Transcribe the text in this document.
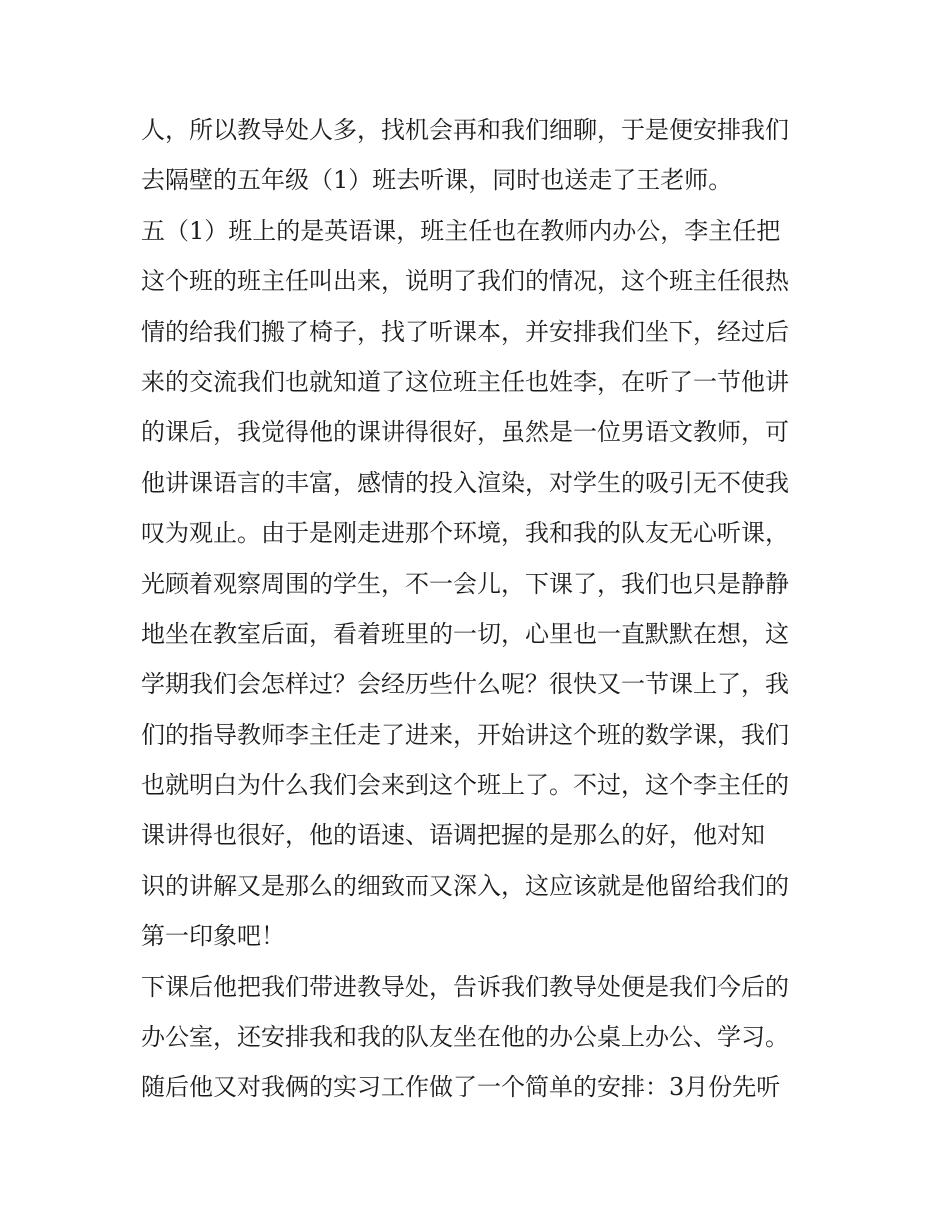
人，所以教导处人多，找机会再和我们细聊，于是便安排我们
去隔壁的五年级（1）班去听课，同时也送走了王老师。
五（1）班上的是英语课，班主任也在教师内办公，李主任把
这个班的班主任叫出来，说明了我们的情况，这个班主任很热
情的给我们搬了椅子，找了听课本，并安排我们坐下，经过后
来的交流我们也就知道了这位班主任也姓李，在听了一节他讲
的课后，我觉得他的课讲得很好，虽然是一位男语文教师，可
他讲课语言的丰富，感情的投入渲染，对学生的吸引无不使我
叹为观止。由于是刚走进那个环境，我和我的队友无心听课，
光顾着观察周围的学生，不一会儿，下课了，我们也只是静静
地坐在教室后面，看着班里的一切，心里也一直默默在想，这
学期我们会怎样过？会经历些什么呢？很快又一节课上了，我
们的指导教师李主任走了进来，开始讲这个班的数学课，我们
也就明白为什么我们会来到这个班上了。不过，这个李主任的
课讲得也很好，他的语速、语调把握的是那么的好，他对知
识的讲解又是那么的细致而又深入，这应该就是他留给我们的
第一印象吧！
下课后他把我们带进教导处，告诉我们教导处便是我们今后的
办公室，还安排我和我的队友坐在他的办公桌上办公、学习。
随后他又对我俩的实习工作做了一个简单的安排：3月份先听
